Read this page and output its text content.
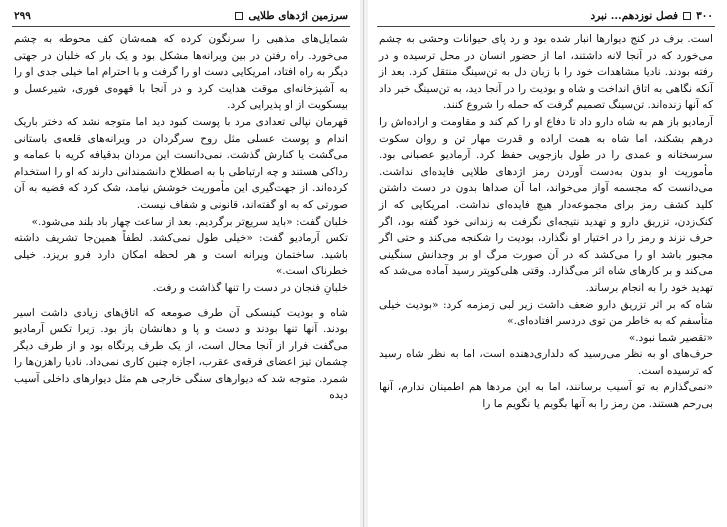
سرزمین اژدهای طلایی
۲۹۹

شمایل‌های مذهبی را سرنگون کرده که همه‌شان کف محوطه به چشم می‌خورد. راه رفتن در بین ویرانه‌ها مشکل بود و یک بار که خلبان در جهتی دیگر به راه افتاد، امریکایی دست او را گرفت و با احترام اما خیلی جدی او را به آشپزخانه‌ای موقت هدایت کرد و در آنجا با قهوه‌ی فوری، شیرعسل و بیسکویت از او پذیرایی کرد.

قهرمان نپالی تعدادی مرد با پوست کبود دید اما متوجه نشد که دختر باریک اندام و پوست عسلی مثل روح سرگردان در ویرانه‌های قلعه‌ی باستانی می‌گشت یا کنارش گذشت. نمی‌دانست این مردان بدقیافه کریه با عمامه و رداکی هستند و چه ارتباطی با به اصطلاح دانشمندانی دارند که او را استخدام کرده‌اند. از جهت‌گیری این مأموریت خوشش نیامد، شک کرد که قضیه به آن صورتی که به او گفته‌اند، قانونی و شفاف نیست.

خلبان گفت: «باید سریع‌تر برگردیم. بعد از ساعت چهار باد بلند می‌شود.»

تکس آرمادیو گفت: «خیلی طول نمی‌کشد. لطفاً همین‌جا تشریف داشته باشید. ساختمان ویرانه است و هر لحظه امکان دارد فرو بریزد. خیلی خطرناک است.»

خلبانِ فنجان در دست را تنها گذاشت و رفت.

شاه و بودیت کینسکی آن طرف صومعه که اتاق‌های زیادی داشت اسیر بودند. آنها تنها بودند و دست و پا و دهانشان باز بود. زیرا تکس آرمادیو می‌گفت فرار از آنجا محال است، از یک طرف پرتگاه بود و از طرف دیگر چشمان تیز اعضای فرقه‌ی عقرب، اجازه چنین کاری نمی‌داد. نادیا راهزن‌ها را شمرد. متوجه شد که دیوارهای سنگی خارجی هم مثل دیوارهای داخلی آسیب دیده

۳۰۰فصل نوزدهم... نبرد

است. برف در کنج دیوارها انبار شده بود و رد پای حیوانات وحشی به چشم می‌خورد که در آنجا لانه داشتند، اما از حضور انسان در محل ترسیده و در رفته بودند. نادیا مشاهدات خود را با زبان دل به تن‌سینگ منتقل کرد. بعد از آنکه نگاهی به اتاق انداخت و شاه و بودیت را در آنجا دید، به تن‌سینگ خبر داد که آنها زنده‌اند. تن‌سینگ تصمیم گرفت که حمله را شروع کنند.

آرمادیو باز هم به شاه دارو داد تا دفاع او را کم کند و مقاومت و اراده‌اش را درهم بشکند، اما شاه به همت اراده و قدرت مهار تن و روان سکوت سرسختانه و عمدی را در طول بازجویی حفظ کرد. آرمادیو عصبانی بود. مأموریت او بدون به‌دست آوردن رمز اژدهای طلایی فایده‌ای نداشت. می‌دانست که مجسمه آواز می‌خواند، اما آن صداها بدون در دست داشتن کلید کشف رمز برای مجموعه‌دار هیچ فایده‌ای نداشت. امریکایی که از کنک‌زدن، تزریق دارو و تهدید نتیجه‌ای نگرفت به زندانی خود گفته بود، اگر حرف نزند و رمز را در اختیار او نگذارد، بودیت را شکنجه می‌کند و حتی اگر مجبور باشد او را می‌کشد که در آن صورت مرگ او بر وجدانش سنگینی می‌کند و بر کارهای شاه اثر می‌گذارد. وقتی هلی‌کوپتر رسید آماده می‌شد که تهدید خود را به انجام برساند.

شاه که بر اثر تزریق دارو ضعف داشت زیر لبی زمزمه کرد: «بودیت خیلی متأسفم که به خاطر من توی دردسر افتاده‌ای.»

«تقصیر شما نبود.»

حرف‌های او به نظر می‌رسید که دلداری‌دهنده است، اما به نظر شاه رسید که ترسیده است.

«نمی‌گذارم به تو آسیب برسانند، اما به این مردها هم اطمینان ندارم، آنها بی‌رحم هستند. من رمز را به آنها بگویم یا نگویم ما را
